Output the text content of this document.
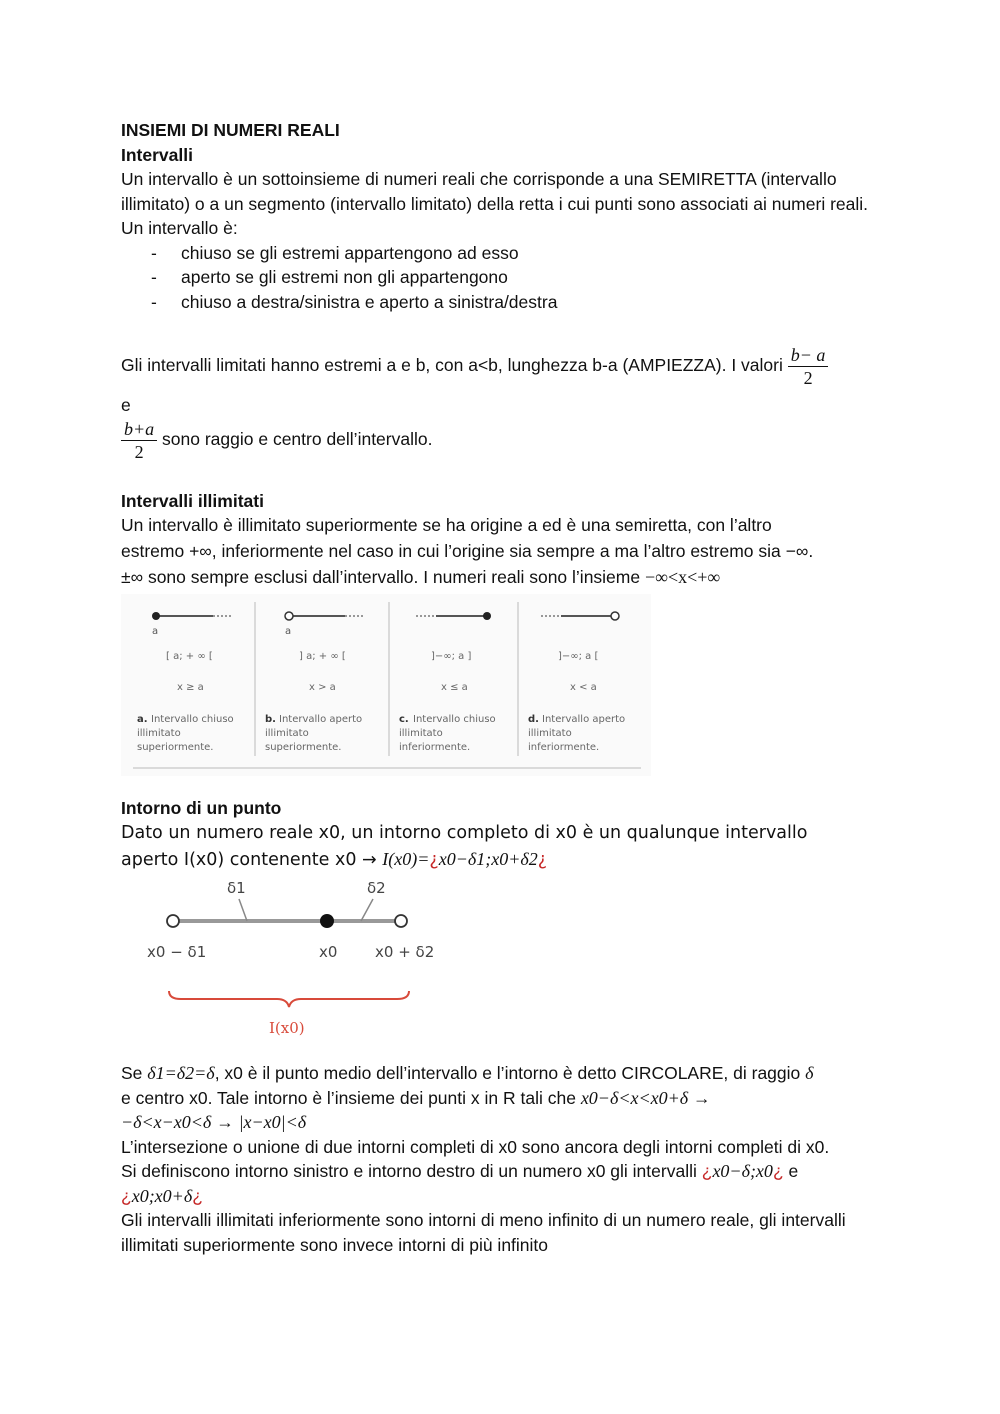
INSIEMI DI NUMERI REALI
Intervalli

Un intervallo è un sottoinsieme di numeri reali che corrisponde a una SEMIRETTA (intervallo illimitato) o a un segmento (intervallo limitato) della retta i cui punti sono associati ai numeri reali.

Un intervallo è:
- chiuso se gli estremi appartengono ad esso
- aperto se gli estremi non gli appartengono
- chiuso a destra/sinistra e aperto a sinistra/destra
Gli intervalli limitati hanno estremi a e b, con a<b, lunghezza b-a (AMPIEZZA). I valori $\frac{b- a}{2}$
e
$\frac{b+a}{2}$ sono raggio e centro dell’intervallo.
Intervalli illimitati
Un intervallo è illimitato superiormente se ha origine a ed è una semiretta, con l’altro
estremo +∞, inferiormente nel caso in cui l’origine sia sempre a ma l’altro estremo sia −∞.
±∞ sono sempre esclusi dall’intervallo. I numeri reali sono l’insieme −∞<x<+∞
a
[ a; + ∞ [
x ≥ a
a. Intervallo chiuso
illimitato
superiormente.
a
] a; + ∞ [
x > a
b. Intervallo aperto
illimitato
superiormente.
]−∞; a ]
x ≤ a
c. Intervallo chiuso
illimitato
inferiormente.
]−∞; a [
x < a
d. Intervallo aperto
illimitato
inferiormente.
Intorno di un punto
Dato un numero reale x0, un intorno completo di x0 è un qualunque intervallo
aperto I(x0) contenente x0 → I(x0)=¿x0−δ1;x0+δ2¿
δ1	δ2
x0 − δ1	x0	x0 + δ2
I(x0)
Se δ1=δ2=δ, x0 è il punto medio dell’intervallo e l’intorno è detto CIRCOLARE, di raggio δ
e centro x0. Tale intorno è l’insieme dei punti x in R tali che x0−δ<x<x0+δ →
−δ<x−x0<δ → |x−x0|<δ
L’intersezione o unione di due intorni completi di x0 sono ancora degli intorni completi di x0.
Si definiscono intorno sinistro e intorno destro di un numero x0 gli intervalli ¿x0−δ;x0¿ e
¿x0;x0+δ¿
Gli intervalli illimitati inferiormente sono intorni di meno infinito di un numero reale, gli intervalli illimitati superiormente sono invece intorni di più infinito
